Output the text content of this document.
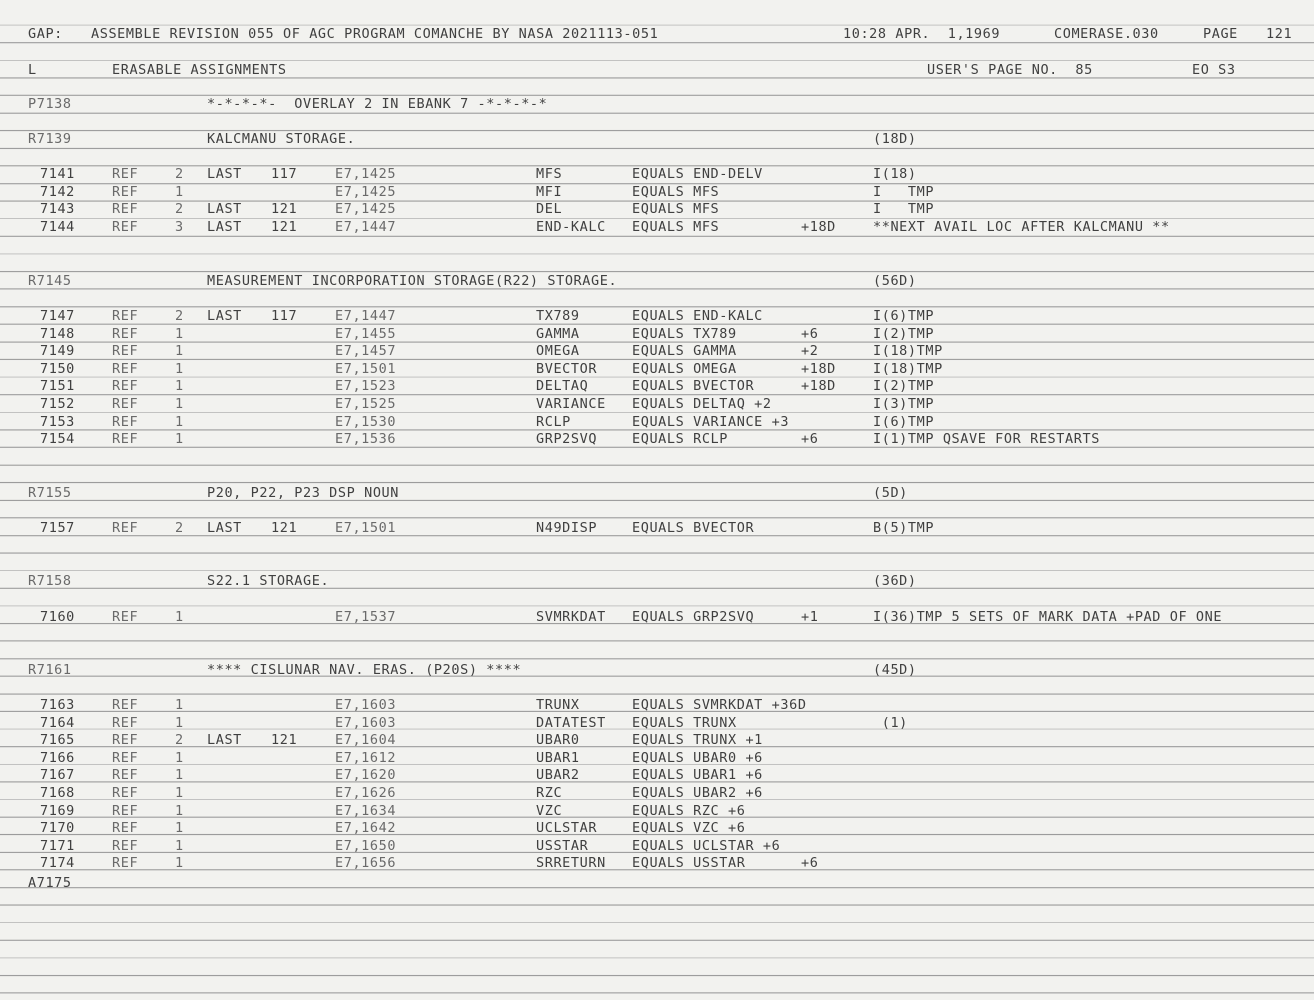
GAP: ASSEMBLE REVISION 055 OF AGC PROGRAM COMANCHE BY NASA 2021113-051	10:28 APR.  1,1969	COMERASE.030	PAGE 121
L	ERASABLE ASSIGNMENTS	USER'S PAGE NO.  85	EO S3
P7138	*-*-*-*-  OVERLAY 2 IN EBANK 7 -*-*-*-*
R7139	KALCMANU STORAGE.	(18D)
7141	REF	2 LAST 117	E7,1425	MFS	EQUALS END-DELV	I(18)
7142	REF	1	E7,1425	MFI	EQUALS MFS	I   TMP
7143	REF	2 LAST 121	E7,1425	DEL	EQUALS MFS	I   TMP
7144	REF	3 LAST 121	E7,1447	END-KALC EQUALS MFS	+18D	**NEXT AVAIL LOC AFTER KALCMANU **
R7145	MEASUREMENT INCORPORATION STORAGE(R22) STORAGE.	(56D)
7147	REF	2 LAST 117	E7,1447	TX789	EQUALS END-KALC	I(6)TMP
7148	REF	1	E7,1455	GAMMA	EQUALS TX789	+6	I(2)TMP
7149	REF	1	E7,1457	OMEGA	EQUALS GAMMA	+2	I(18)TMP
7150	REF	1	E7,1501	BVECTOR	EQUALS OMEGA	+18D	I(18)TMP
7151	REF	1	E7,1523	DELTAQ	EQUALS BVECTOR	+18D	I(2)TMP
7152	REF	1	E7,1525	VARIANCE EQUALS DELTAQ +2	I(3)TMP
7153	REF	1	E7,1530	RCLP	EQUALS VARIANCE +3	I(6)TMP
7154	REF	1	E7,1536	GRP2SVQ	EQUALS RCLP	+6	I(1)TMP QSAVE FOR RESTARTS
R7155	P20, P22, P23 DSP NOUN	(5D)
7157	REF	2 LAST 121	E7,1501	N49DISP	EQUALS BVECTOR	B(5)TMP
R7158	S22.1 STORAGE.	(36D)
7160	REF	1	E7,1537	SVMRKDAT EQUALS GRP2SVQ	+1	I(36)TMP 5 SETS OF MARK DATA +PAD OF ONE
R7161	**** CISLUNAR NAV. ERAS. (P20S) ****	(45D)
7163	REF	1	E7,1603	TRUNX	EQUALS SVMRKDAT +36D
7164	REF	1	E7,1603	DATATEST EQUALS TRUNX	(1)
7165	REF	2 LAST 121	E7,1604	UBAR0	EQUALS TRUNX +1
7166	REF	1	E7,1612	UBAR1	EQUALS UBAR0 +6
7167	REF	1	E7,1620	UBAR2	EQUALS UBAR1 +6
7168	REF	1	E7,1626	RZC	EQUALS UBAR2 +6
7169	REF	1	E7,1634	VZC	EQUALS RZC +6
7170	REF	1	E7,1642	UCLSTAR	EQUALS VZC +6
7171	REF	1	E7,1650	USSTAR	EQUALS UCLSTAR +6
7174	REF	1	E7,1656	SRRETURN EQUALS USSTAR	+6
A7175
